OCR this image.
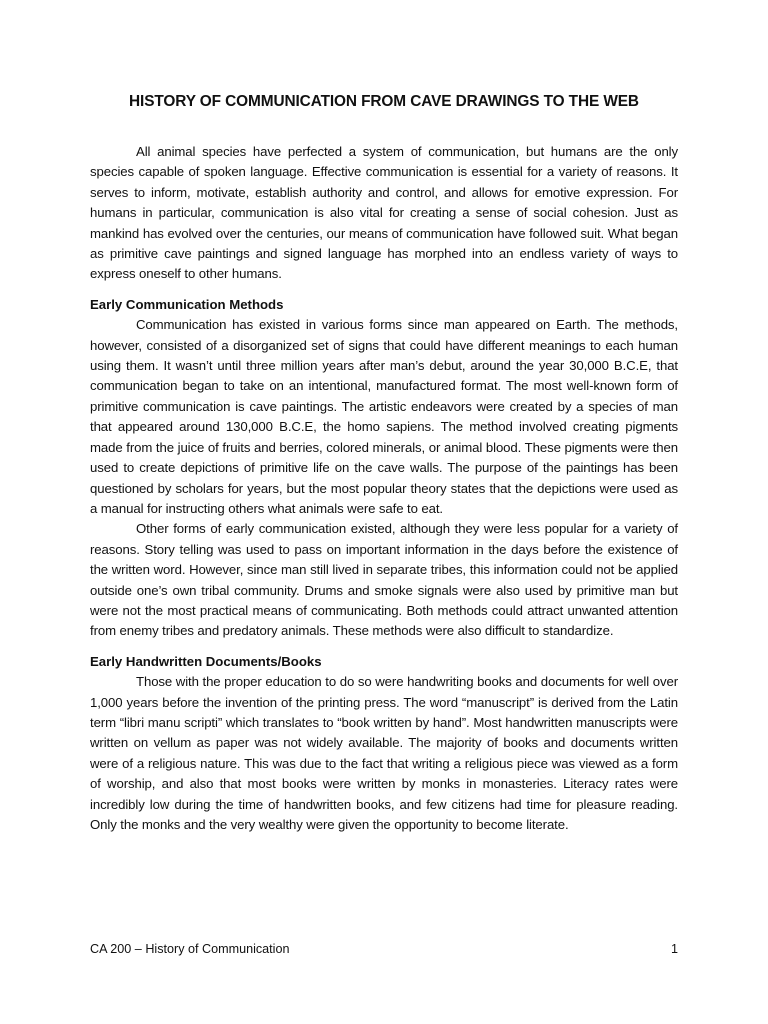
HISTORY OF COMMUNICATION FROM CAVE DRAWINGS TO THE WEB

All animal species have perfected a system of communication, but humans are the only species capable of spoken language. Effective communication is essential for a variety of reasons. It serves to inform, motivate, establish authority and control, and allows for emotive expression. For humans in particular, communication is also vital for creating a sense of social cohesion. Just as mankind has evolved over the centuries, our means of communication have followed suit. What began as primitive cave paintings and signed language has morphed into an endless variety of ways to express oneself to other humans.

Early Communication Methods

Communication has existed in various forms since man appeared on Earth. The methods, however, consisted of a disorganized set of signs that could have different meanings to each human using them. It wasn’t until three million years after man’s debut, around the year 30,000 B.C.E, that communication began to take on an intentional, manufactured format. The most well-known form of primitive communication is cave paintings. The artistic endeavors were created by a species of man that appeared around 130,000 B.C.E, the homo sapiens. The method involved creating pigments made from the juice of fruits and berries, colored minerals, or animal blood. These pigments were then used to create depictions of primitive life on the cave walls. The purpose of the paintings has been questioned by scholars for years, but the most popular theory states that the depictions were used as a manual for instructing others what animals were safe to eat.

Other forms of early communication existed, although they were less popular for a variety of reasons. Story telling was used to pass on important information in the days before the existence of the written word. However, since man still lived in separate tribes, this information could not be applied outside one’s own tribal community. Drums and smoke signals were also used by primitive man but were not the most practical means of communicating. Both methods could attract unwanted attention from enemy tribes and predatory animals. These methods were also difficult to standardize.

Early Handwritten Documents/Books

Those with the proper education to do so were handwriting books and documents for well over 1,000 years before the invention of the printing press. The word “manuscript” is derived from the Latin term “libri manu scripti” which translates to “book written by hand”. Most handwritten manuscripts were written on vellum as paper was not widely available. The majority of books and documents written were of a religious nature. This was due to the fact that writing a religious piece was viewed as a form of worship, and also that most books were written by monks in monasteries. Literacy rates were incredibly low during the time of handwritten books, and few citizens had time for pleasure reading. Only the monks and the very wealthy were given the opportunity to become literate.

CA 200 – History of Communication	1
